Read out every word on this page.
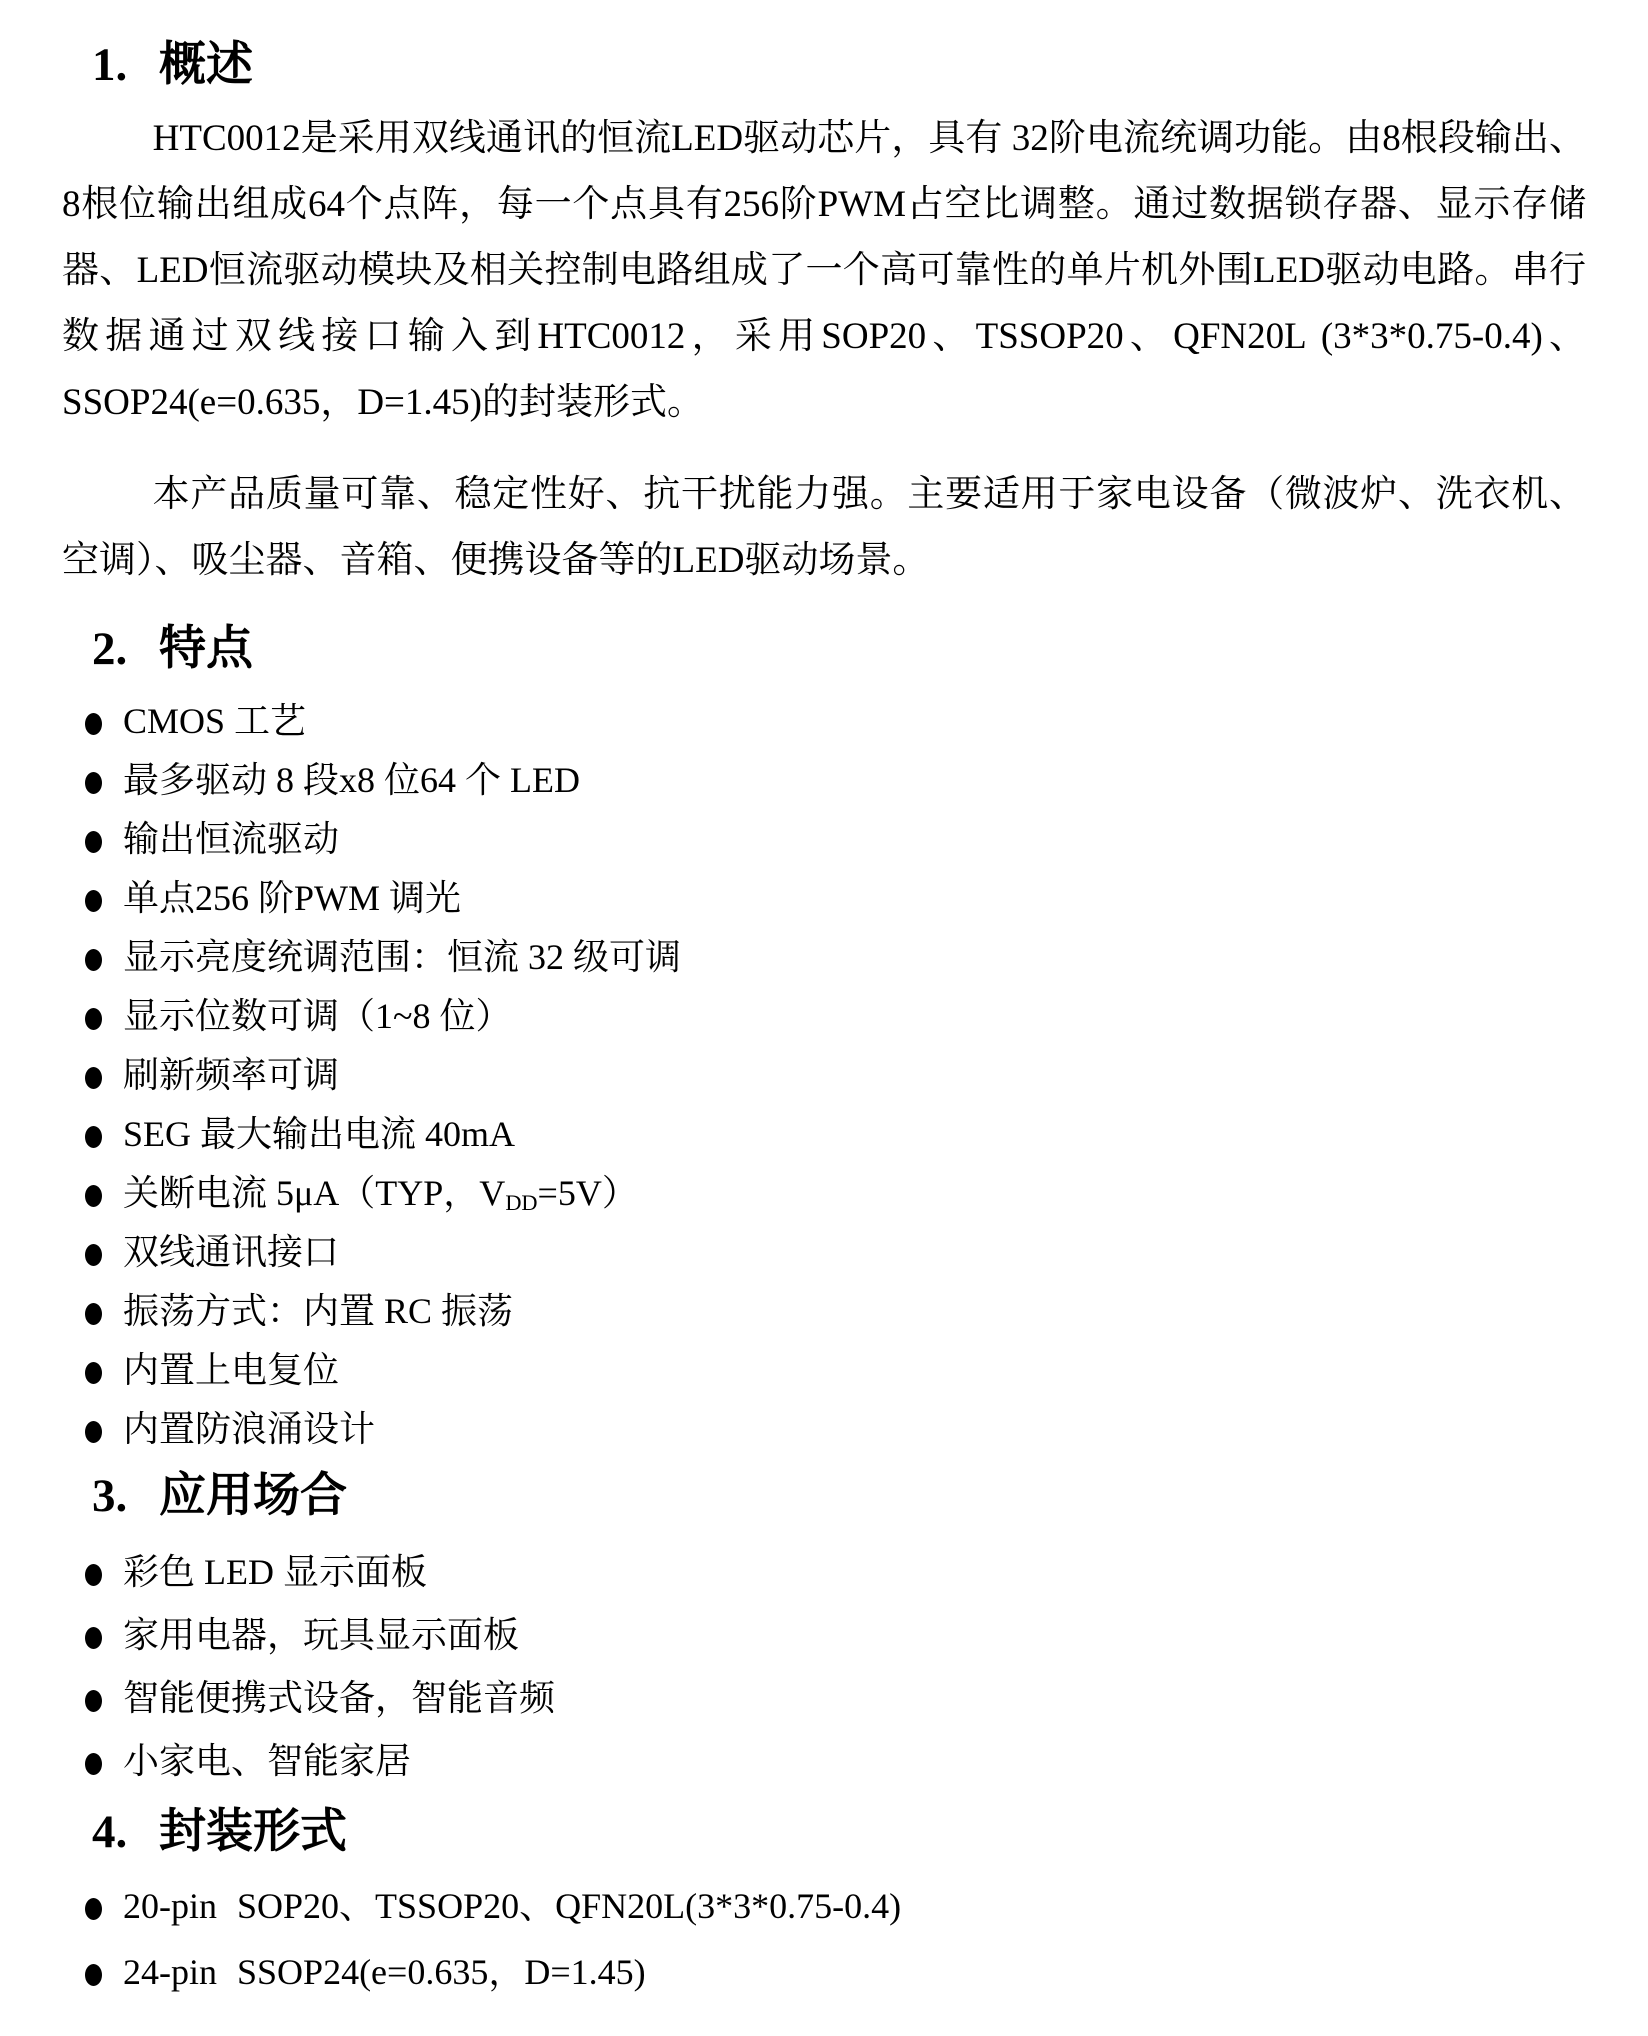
1. 概述

HTC0012是采用双线通讯的恒流LED驱动芯片，具有 32阶电流统调功能。由8根段输出、8根位输出组成64个点阵，每一个点具有256阶PWM占空比调整。通过数据锁存器、显示存储器、LED恒流驱动模块及相关控制电路组成了一个高可靠性的单片机外围LED驱动电路。串行数据通过双线接口输入到HTC0012，采用SOP20、TSSOP20、QFN20L (3*3*0.75-0.4)、SSOP24(e=0.635，D=1.45)的封装形式。

本产品质量可靠、稳定性好、抗干扰能力强。主要适用于家电设备（微波炉、洗衣机、空调）、吸尘器、音箱、便携设备等的LED驱动场景。

2. 特点
CMOS 工艺
最多驱动 8 段x8 位64 个 LED
输出恒流驱动
单点256 阶PWM 调光
显示亮度统调范围：恒流 32 级可调
显示位数可调（1~8 位）
刷新频率可调
SEG 最大输出电流 40mA
关断电流 5μA（TYP，$V_{DD}=5V$）
双线通讯接口
振荡方式：内置 RC 振荡
内置上电复位
内置防浪涌设计
3. 应用场合
彩色 LED 显示面板
家用电器，玩具显示面板
智能便携式设备，智能音频
小家电、智能家居
4. 封装形式
20-pin SOP20、TSSOP20、QFN20L(3*3*0.75-0.4)
24-pin SSOP24(e=0.635，D=1.45)
